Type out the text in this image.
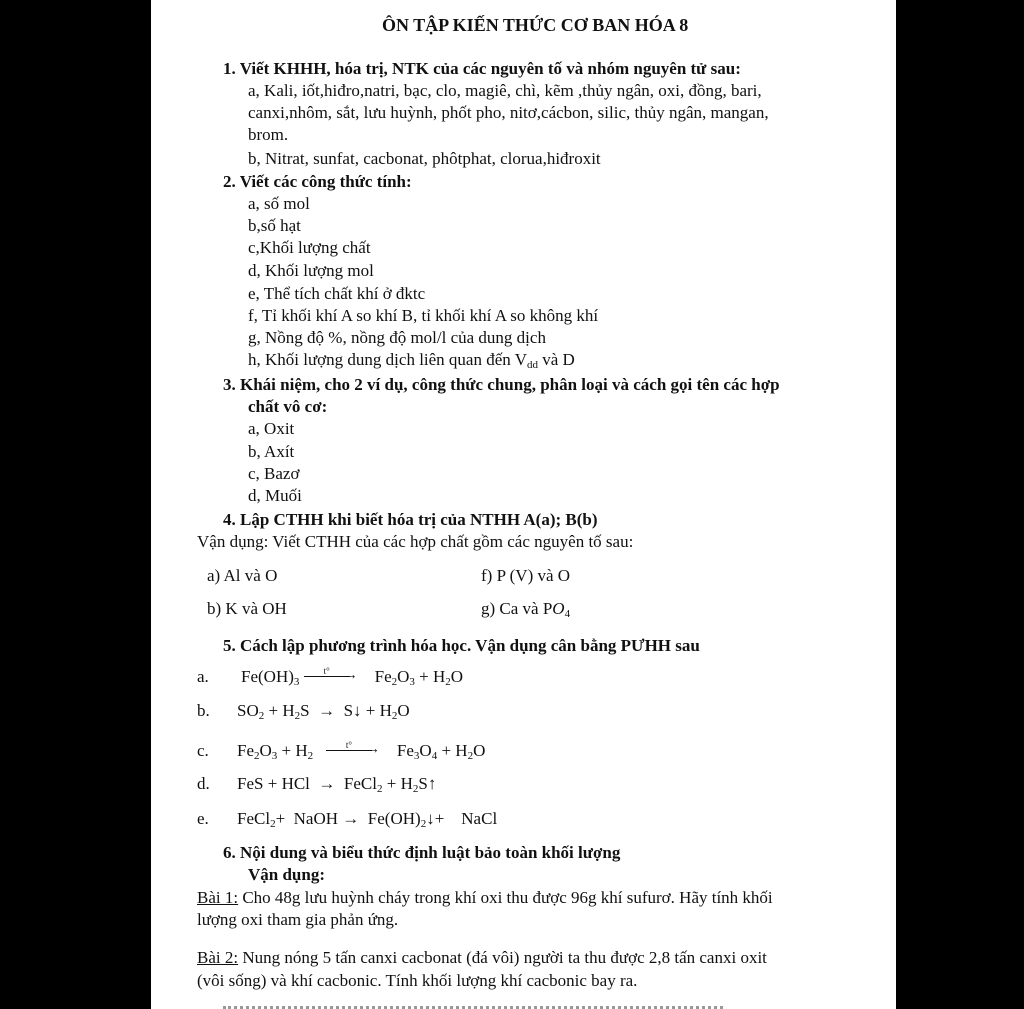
ÔN TẬP KIẾN THỨC CƠ BAN HÓA 8
1. Viết KHHH, hóa trị, NTK của các nguyên tố và nhóm nguyên tử sau:
a, Kali, iốt,hiđro,natri, bạc, clo, magiê, chì, kẽm ,thủy ngân, oxi, đồng, bari,
canxi,nhôm, sắt, lưu huỳnh, phốt pho, nitơ,cácbon, silic, thủy ngân, mangan,
brom.
b, Nitrat, sunfat, cacbonat, phôtphat, clorua,hiđroxit
2. Viết các công thức tính:
a, số mol
b,số hạt
c,Khối lượng chất
d, Khối lượng mol
e, Thể tích chất khí ở đktc
f, Tỉ khối khí A so khí B, tỉ khối khí A so không khí
g, Nồng độ %, nồng độ mol/l của dung dịch
h, Khối lượng dung dịch liên quan đến $V_{dd}$ và D
3. Khái niệm, cho 2 ví dụ, công thức chung, phân loại và cách gọi tên các hợp
chất vô cơ:
a, Oxit
b, Axít
c, Bazơ
d, Muối
4. Lập CTHH khi biết hóa trị của NTHH A(a); B(b)
Vận dụng: Viết CTHH của các hợp chất gồm các nguyên tố sau:
a) Al và O	f) P (V) và O
b) K và OH	g) Ca và $PO_4$
5. Cách lập phương trình hóa học. Vận dụng cân bằng PƯHH sau
a. $Fe(OH)_3$
$t^\circ \to Fe_2O_3 + H_2O$
b. $SO_2 + H_2S$ → S↓ + $H_2O$
c. $Fe_2O_3 + H_2$
$t^\circ \to Fe_3O_4 + H_2O$
d. FeS + HCl → FeCl$_2$ + $H_2S↑$
e. FeCl$_2$+ NaOH → $Fe(OH)_2↓+$ NaCl
6. Nội dung và biểu thức định luật bảo toàn khối lượng
Vận dụng:
Bài 1: Cho 48g lưu huỳnh cháy trong khí oxi thu được 96g khí sufurơ. Hãy tính khối
lượng oxi tham gia phản ứng.
Bài 2: Nung nóng 5 tấn canxi cacbonat (đá vôi) người ta thu được 2,8 tấn canxi oxit
(vôi sống) và khí cacbonic. Tính khối lượng khí cacbonic bay ra.
